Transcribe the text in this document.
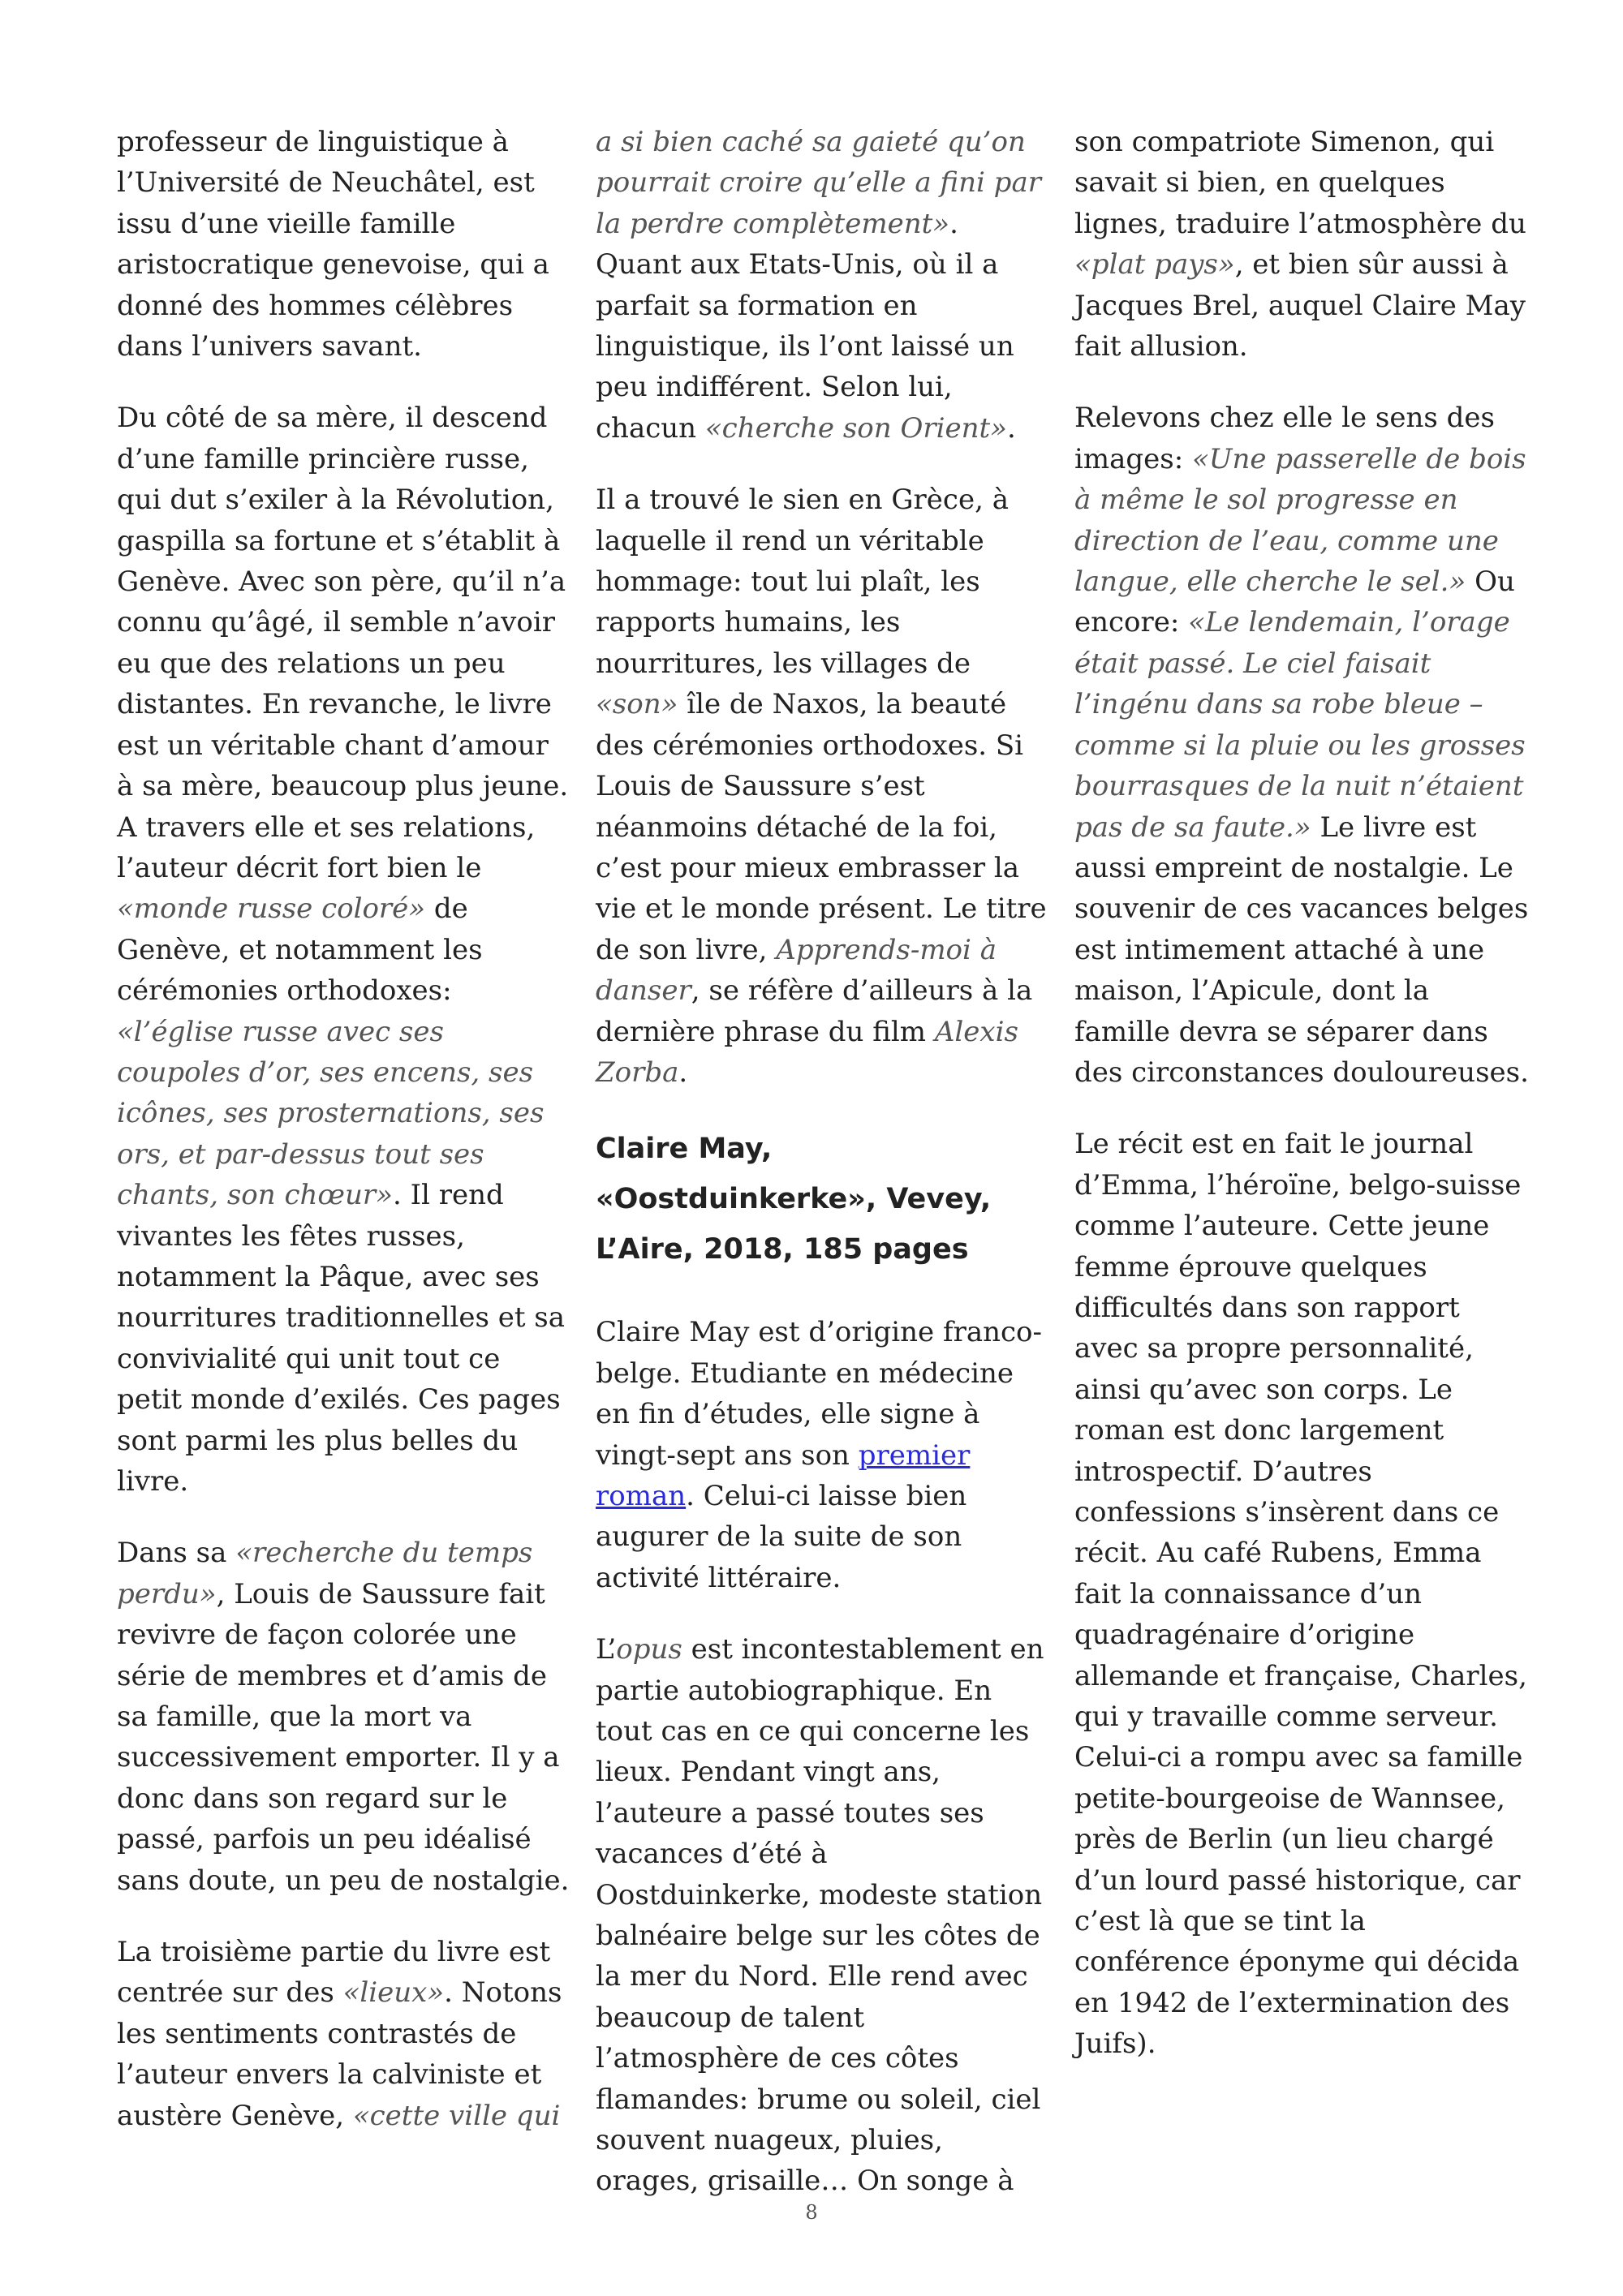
professeur de linguistique à l’Université de Neuchâtel, est issu d’une vieille famille aristocratique genevoise, qui a donné des hommes célèbres dans l’univers savant.

Du côté de sa mère, il descend d’une famille princière russe, qui dut s’exiler à la Révolution, gaspilla sa fortune et s’établit à Genève. Avec son père, qu’il n’a connu qu’âgé, il semble n’avoir eu que des relations un peu distantes. En revanche, le livre est un véritable chant d’amour à sa mère, beaucoup plus jeune. A travers elle et ses relations, l’auteur décrit fort bien le «monde russe coloré» de Genève, et notamment les cérémonies orthodoxes: «l’église russe avec ses coupoles d’or, ses encens, ses icônes, ses prosternations, ses ors, et par-dessus tout ses chants, son chœur». Il rend vivantes les fêtes russes, notamment la Pâque, avec ses nourritures traditionnelles et sa convivialité qui unit tout ce petit monde d’exilés. Ces pages sont parmi les plus belles du livre.

Dans sa «recherche du temps perdu», Louis de Saussure fait revivre de façon colorée une série de membres et d’amis de sa famille, que la mort va successivement emporter. Il y a donc dans son regard sur le passé, parfois un peu idéalisé sans doute, un peu de nostalgie.

La troisième partie du livre est centrée sur des «lieux». Notons les sentiments contrastés de l’auteur envers la calviniste et austère Genève, «cette ville qui

a si bien caché sa gaieté qu’on pourrait croire qu’elle a fini par la perdre complètement». Quant aux Etats-Unis, où il a parfait sa formation en linguistique, ils l’ont laissé un peu indifférent. Selon lui, chacun «cherche son Orient».

Il a trouvé le sien en Grèce, à laquelle il rend un véritable hommage: tout lui plaît, les rapports humains, les nourritures, les villages de «son» île de Naxos, la beauté des cérémonies orthodoxes. Si Louis de Saussure s’est néanmoins détaché de la foi, c’est pour mieux embrasser la vie et le monde présent. Le titre de son livre, Apprends-moi à danser, se réfère d’ailleurs à la dernière phrase du film Alexis Zorba.

Claire May, «Oostduinkerke», Vevey, L’Aire, 2018, 185 pages

Claire May est d’origine franco-belge. Etudiante en médecine en fin d’études, elle signe à vingt-sept ans son premier roman. Celui-ci laisse bien augurer de la suite de son activité littéraire.

L’opus est incontestablement en partie autobiographique. En tout cas en ce qui concerne les lieux. Pendant vingt ans, l’auteure a passé toutes ses vacances d’été à Oostduinkerke, modeste station balnéaire belge sur les côtes de la mer du Nord. Elle rend avec beaucoup de talent l’atmosphère de ces côtes flamandes: brume ou soleil, ciel souvent nuageux, pluies, orages, grisaille… On songe à

son compatriote Simenon, qui savait si bien, en quelques lignes, traduire l’atmosphère du «plat pays», et bien sûr aussi à Jacques Brel, auquel Claire May fait allusion.

Relevons chez elle le sens des images: «Une passerelle de bois à même le sol progresse en direction de l’eau, comme une langue, elle cherche le sel.» Ou encore: «Le lendemain, l’orage était passé. Le ciel faisait l’ingénu dans sa robe bleue – comme si la pluie ou les grosses bourrasques de la nuit n’étaient pas de sa faute.» Le livre est aussi empreint de nostalgie. Le souvenir de ces vacances belges est intimement attaché à une maison, l’Apicule, dont la famille devra se séparer dans des circonstances douloureuses.

Le récit est en fait le journal d’Emma, l’héroïne, belgo-suisse comme l’auteure. Cette jeune femme éprouve quelques difficultés dans son rapport avec sa propre personnalité, ainsi qu’avec son corps. Le roman est donc largement introspectif. D’autres confessions s’insèrent dans ce récit. Au café Rubens, Emma fait la connaissance d’un quadragénaire d’origine allemande et française, Charles, qui y travaille comme serveur. Celui-ci a rompu avec sa famille petite-bourgeoise de Wannsee, près de Berlin (un lieu chargé d’un lourd passé historique, car c’est là que se tint la conférence éponyme qui décida en 1942 de l’extermination des Juifs).

8
